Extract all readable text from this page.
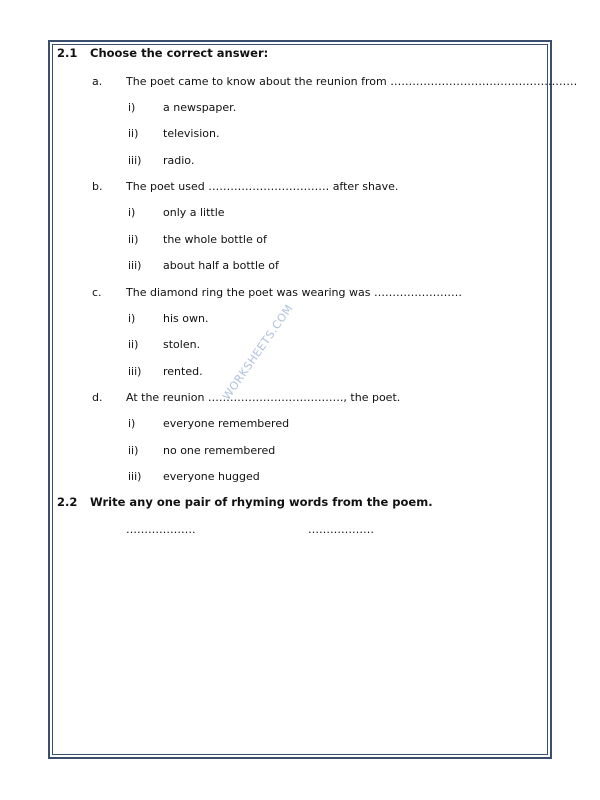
WORKSHEETS.COM
2.1 Choose the correct answer:
a. The poet came to know about the reunion from ……………………………………………
i)	a newspaper.
ii) television.
iii) radio.
b. The poet used …………………………… after shave.
i)	only a little
ii) the whole bottle of
iii) about half a bottle of
c. The diamond ring the poet was wearing was ……………………
i)	his own.
ii) stolen.
iii) rented.
d. At the reunion ………………………………., the poet.
i)	everyone remembered
ii) no one remembered
iii) everyone hugged
2.2 Write any one pair of rhyming words from the poem.
……………….	………………
